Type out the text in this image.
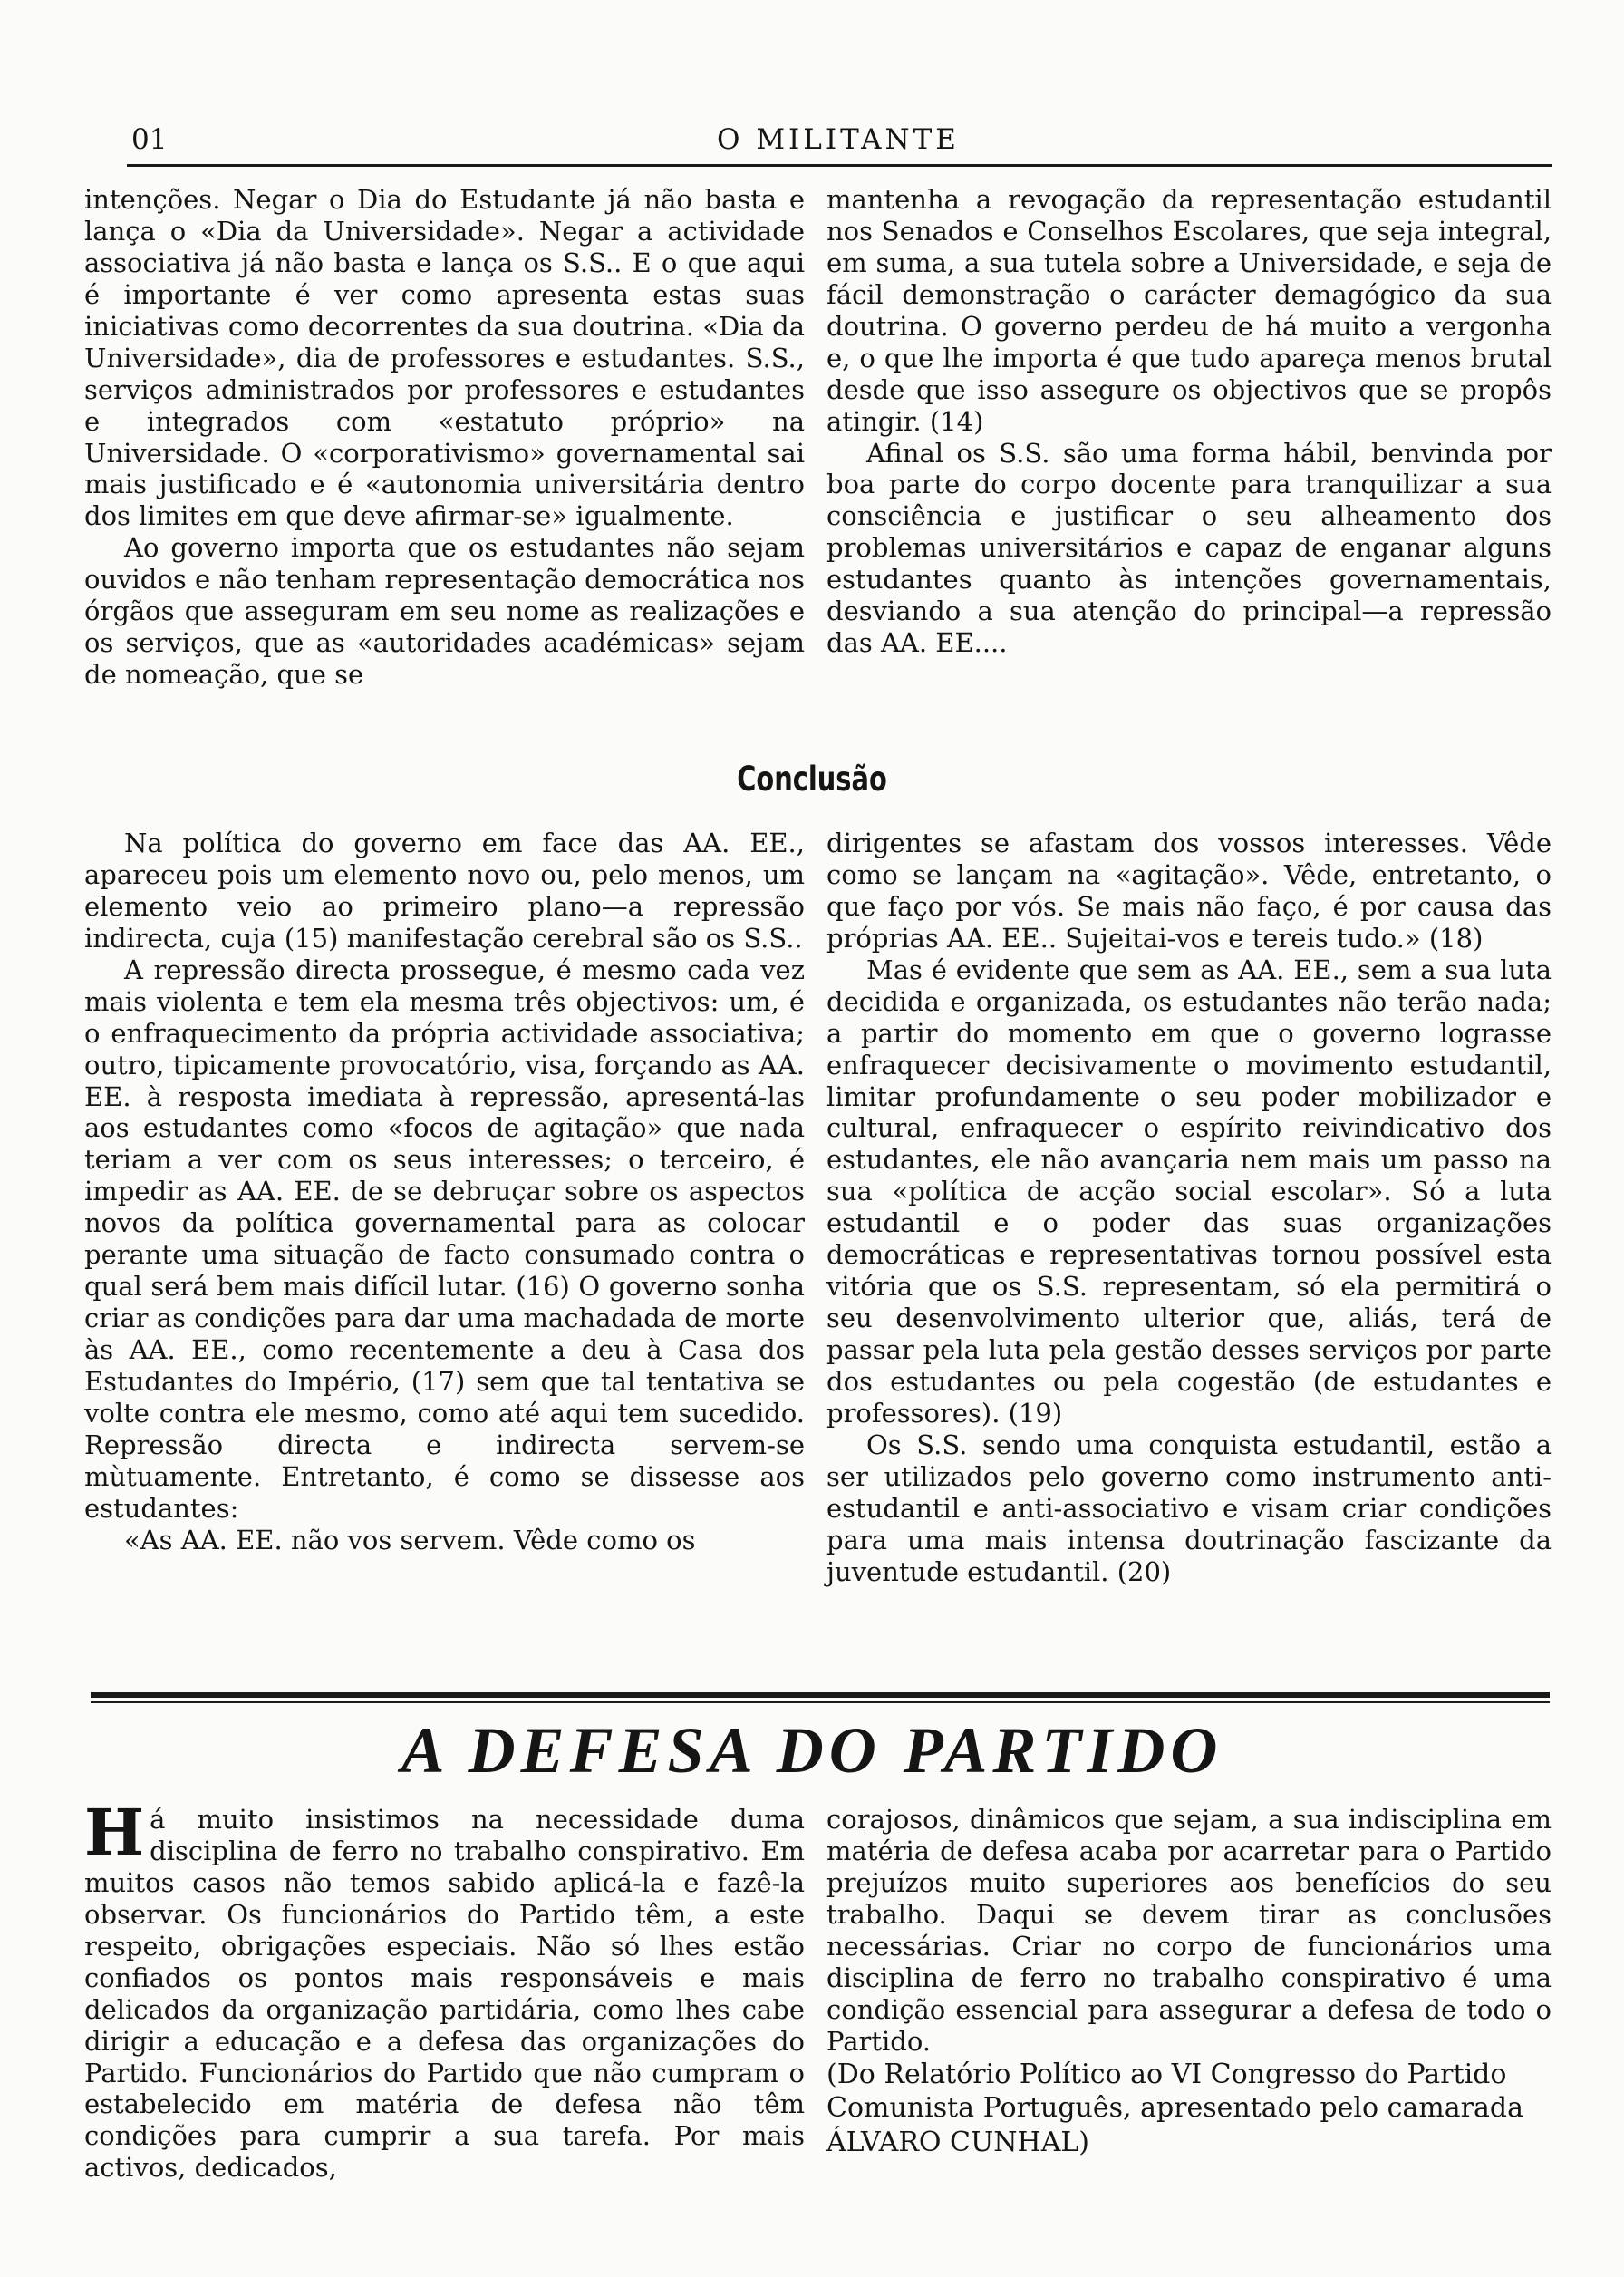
01	O MILITANTE

intenções. Negar o Dia do Estudante já não basta e lança o «Dia da Universidade». Negar a actividade associativa já não basta e lança os S.S.. E o que aqui é importante é ver como apresenta estas suas iniciativas como decorrentes da sua doutrina. «Dia da Universidade», dia de professores e estudantes. S.S., serviços administrados por professores e estudantes e integrados com «estatuto próprio» na Universidade. O «corporativismo» governamental sai mais justificado e é «autonomia universitária dentro dos limites em que deve afirmar-se» igualmente.

Ao governo importa que os estudantes não sejam ouvidos e não tenham representação democrática nos órgãos que asseguram em seu nome as realizações e os serviços, que as «autoridades académicas» sejam de nomeação, que se

mantenha a revogação da representação estudantil nos Senados e Conselhos Escolares, que seja integral, em suma, a sua tutela sobre a Universidade, e seja de fácil demonstração o carácter demagógico da sua doutrina. O governo perdeu de há muito a vergonha e, o que lhe importa é que tudo apareça menos brutal desde que isso assegure os objectivos que se propôs atingir. (14)

Afinal os S.S. são uma forma hábil, benvinda por boa parte do corpo docente para tranquilizar a sua consciência e justificar o seu alheamento dos problemas universitários e capaz de enganar alguns estudantes quanto às intenções governamentais, desviando a sua atenção do principal—a repressão das AA. EE....

Conclusão

Na política do governo em face das AA. EE., apareceu pois um elemento novo ou, pelo menos, um elemento veio ao primeiro plano—a repressão indirecta, cuja (15) manifestação cerebral são os S.S..

A repressão directa prossegue, é mesmo cada vez mais violenta e tem ela mesma três objectivos: um, é o enfraquecimento da própria actividade associativa; outro, tipicamente provocatório, visa, forçando as AA. EE. à resposta imediata à repressão, apresentá-las aos estudantes como «focos de agitação» que nada teriam a ver com os seus interesses; o terceiro, é impedir as AA. EE. de se debruçar sobre os aspectos novos da política governamental para as colocar perante uma situação de facto consumado contra o qual será bem mais difícil lutar. (16) O governo sonha criar as condições para dar uma machadada de morte às AA. EE., como recentemente a deu à Casa dos Estudantes do Império, (17) sem que tal tentativa se volte contra ele mesmo, como até aqui tem sucedido. Repressão directa e indirecta servem-se mùtuamente. Entretanto, é como se dissesse aos estudantes:

«As AA. EE. não vos servem. Vêde como os

dirigentes se afastam dos vossos interesses. Vêde como se lançam na «agitação». Vêde, entretanto, o que faço por vós. Se mais não faço, é por causa das próprias AA. EE.. Sujeitai-vos e tereis tudo.» (18)

Mas é evidente que sem as AA. EE., sem a sua luta decidida e organizada, os estudantes não terão nada; a partir do momento em que o governo lograsse enfraquecer decisivamente o movimento estudantil, limitar profundamente o seu poder mobilizador e cultural, enfraquecer o espírito reivindicativo dos estudantes, ele não avançaria nem mais um passo na sua «política de acção social escolar». Só a luta estudantil e o poder das suas organizações democráticas e representativas tornou possível esta vitória que os S.S. representam, só ela permitirá o seu desenvolvimento ulterior que, aliás, terá de passar pela luta pela gestão desses serviços por parte dos estudantes ou pela cogestão (de estudantes e professores). (19)

Os S.S. sendo uma conquista estudantil, estão a ser utilizados pelo governo como instrumento anti-estudantil e anti-associativo e visam criar condições para uma mais intensa doutrinação fascizante da juventude estudantil. (20)

A DEFESA DO PARTIDO

Há muito insistimos na necessidade duma disciplina de ferro no trabalho conspirativo. Em muitos casos não temos sabido aplicá-la e fazê-la observar. Os funcionários do Partido têm, a este respeito, obrigações especiais. Não só lhes estão confiados os pontos mais responsáveis e mais delicados da organização partidária, como lhes cabe dirigir a educação e a defesa das organizações do Partido. Funcionários do Partido que não cumpram o estabelecido em matéria de defesa não têm condições para cumprir a sua tarefa. Por mais activos, dedicados,

corajosos, dinâmicos que sejam, a sua indisciplina em matéria de defesa acaba por acarretar para o Partido prejuízos muito superiores aos benefícios do seu trabalho. Daqui se devem tirar as conclusões necessárias. Criar no corpo de funcionários uma disciplina de ferro no trabalho conspirativo é uma condição essencial para assegurar a defesa de todo o Partido.

(Do Relatório Político ao VI Congresso do Partido Comunista Português, apresentado pelo camarada ÁLVARO CUNHAL)
